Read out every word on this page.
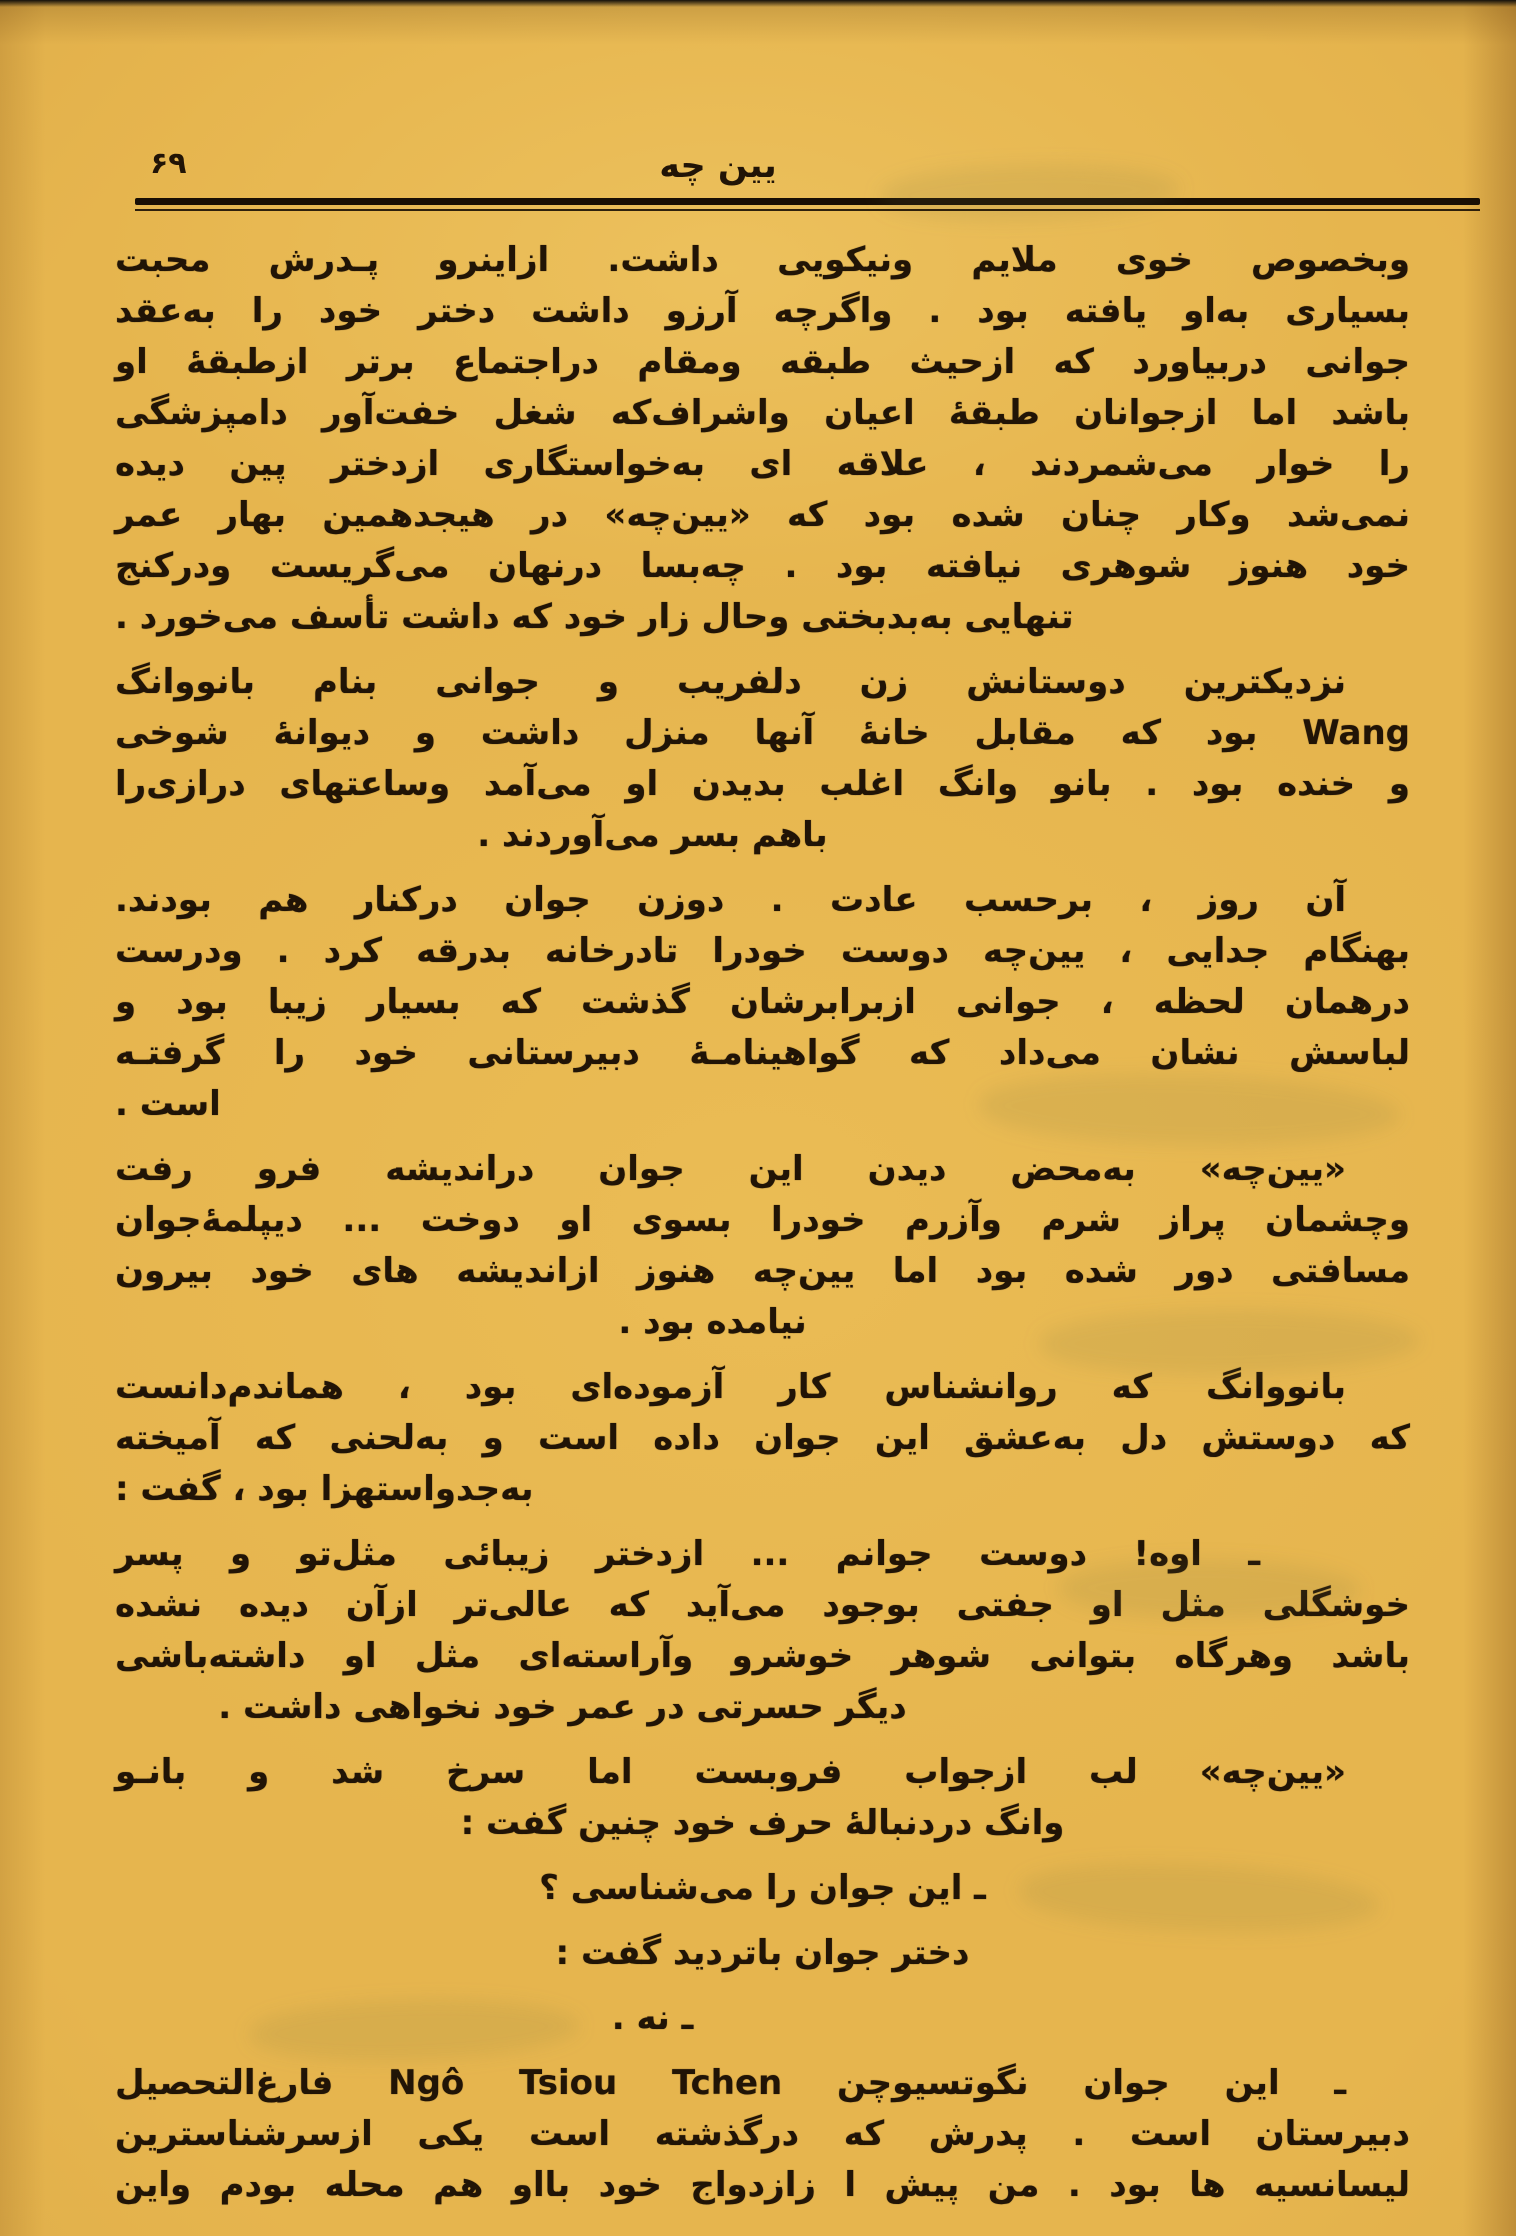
۶۹	یین چه
وبخصوص خوی ملایم ونیکویی داشت. ازاینرو پـدرش محبت
بسیاری به‌او یافته بود . واگرچه آرزو داشت دختر خود را به‌عقد
جوانی دربیاورد که ازحیث طبقه ومقام دراجتماع برتر ازطبقهٔ او
باشد اما ازجوانان طبقهٔ اعیان واشراف‌که شغل خفت‌آور دامپزشگی
را خوار می‌شمردند ، علاقه ای به‌خواستگاری ازدختر پین دیده
نمی‌شد وکار چنان شده بود که «یین‌چه» در هیجدهمین بهار عمر
خود هنوز شوهری نیافته بود . چه‌بسا درنهان می‌گریست ودرکنج
تنهایی به‌بدبختی وحال زار خود که داشت تأسف می‌خورد .
نزدیکترین دوستانش زن دلفریب و جوانی بنام بانووانگ
Wang بود که مقابل خانهٔ آنها منزل داشت و دیوانهٔ شوخی
و خنده بود . بانو وانگ اغلب بدیدن او می‌آمد وساعتهای درازی‌را
باهم بسر می‌آوردند .
آن روز ، برحسب عادت . دوزن جوان درکنار هم بودند.
بهنگام جدایی ، یین‌چه دوست خودرا تادرخانه بدرقه کرد . ودرست
درهمان لحظه ، جوانی ازبرابرشان گذشت که بسیار زیبا بود و
لباسش نشان می‌داد که گواهینامـهٔ دبیرستانی خود را گرفتـه
است .
«یین‌چه» به‌محض دیدن این جوان دراندیشه فرو رفت
وچشمان پراز شرم وآزرم خودرا بسوی او دوخت ... دیپلمهٔ‌جوان
مسافتی دور شده بود اما یین‌چه هنوز ازاندیشه های خود بیرون
نیامده بود .
بانووانگ که روانشناس کار آزموده‌ای بود ، هماندم‌دانست
که دوستش دل به‌عشق این جوان داده است و به‌لحنی که آمیخته
به‌جدواستهزا بود ، گفت :
ـ اوه! دوست جوانم ... ازدختر زیبائی مثل‌تو و پسر
خوشگلی مثل او جفتی بوجود می‌آید که عالی‌تر ازآن دیده نشده
باشد وهرگاه بتوانی شوهر خوشرو وآراسته‌ای مثل او داشته‌باشی
دیگر حسرتی در عمر خود نخواهی داشت .
«یین‌چه» لب ازجواب فروبست اما سرخ شد و بانـو
وانگ دردنبالهٔ حرف خود چنین گفت :
ـ این جوان را می‌شناسی ؟
دختر جوان باتردید گفت :
ـ نه .
ـ این جوان نگوتسیوچن Ngô Tsiou Tchen فارغ‌التحصیل
دبیرستان است . پدرش که درگذشته است یکی ازسرشناسترین
لیسانسیه ها بود . من پیش ا زازدواج خود بااو هم محله بودم واین
